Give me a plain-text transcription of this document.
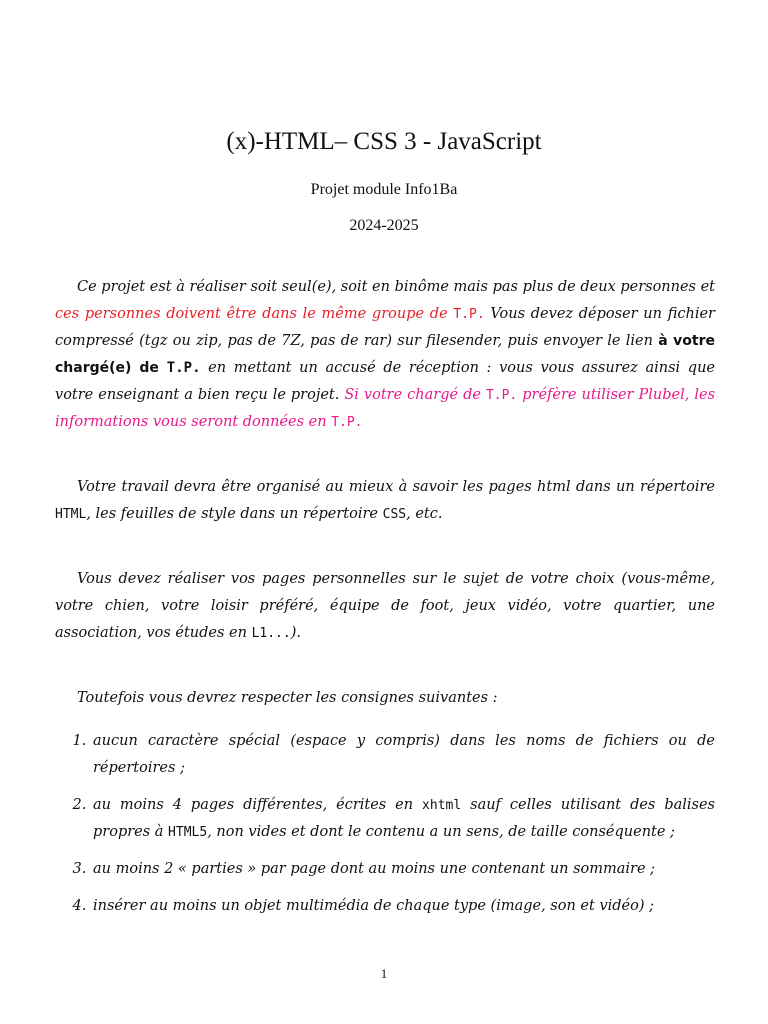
(x)-HTML– CSS 3 - JavaScript
Projet module Info1Ba
2024-2025

Ce projet est à réaliser soit seul(e), soit en binôme mais pas plus de deux personnes et ces personnes doivent être dans le même groupe de T.P. Vous devez déposer un fichier compressé (tgz ou zip, pas de 7Z, pas de rar) sur filesender, puis envoyer le lien à votre chargé(e) de T.P. en mettant un accusé de réception : vous vous assurez ainsi que votre enseignant a bien reçu le projet. Si votre chargé de T.P. préfère utiliser Plubel, les informations vous seront données en T.P.

Votre travail devra être organisé au mieux à savoir les pages html dans un répertoire HTML, les feuilles de style dans un répertoire CSS, etc.

Vous devez réaliser vos pages personnelles sur le sujet de votre choix (vous-même, votre chien, votre loisir préféré, équipe de foot, jeux vidéo, votre quartier, une association, vos études en L1...).

Toutefois vous devrez respecter les consignes suivantes :

1. aucun caractère spécial (espace y compris) dans les noms de fichiers ou de répertoires ;
2. au moins 4 pages différentes, écrites en xhtml sauf celles utilisant des balises propres à HTML5, non vides et dont le contenu a un sens, de taille conséquente ;
3. au moins 2 « parties » par page dont au moins une contenant un sommaire ;
4. insérer au moins un objet multimédia de chaque type (image, son et vidéo) ;
1
